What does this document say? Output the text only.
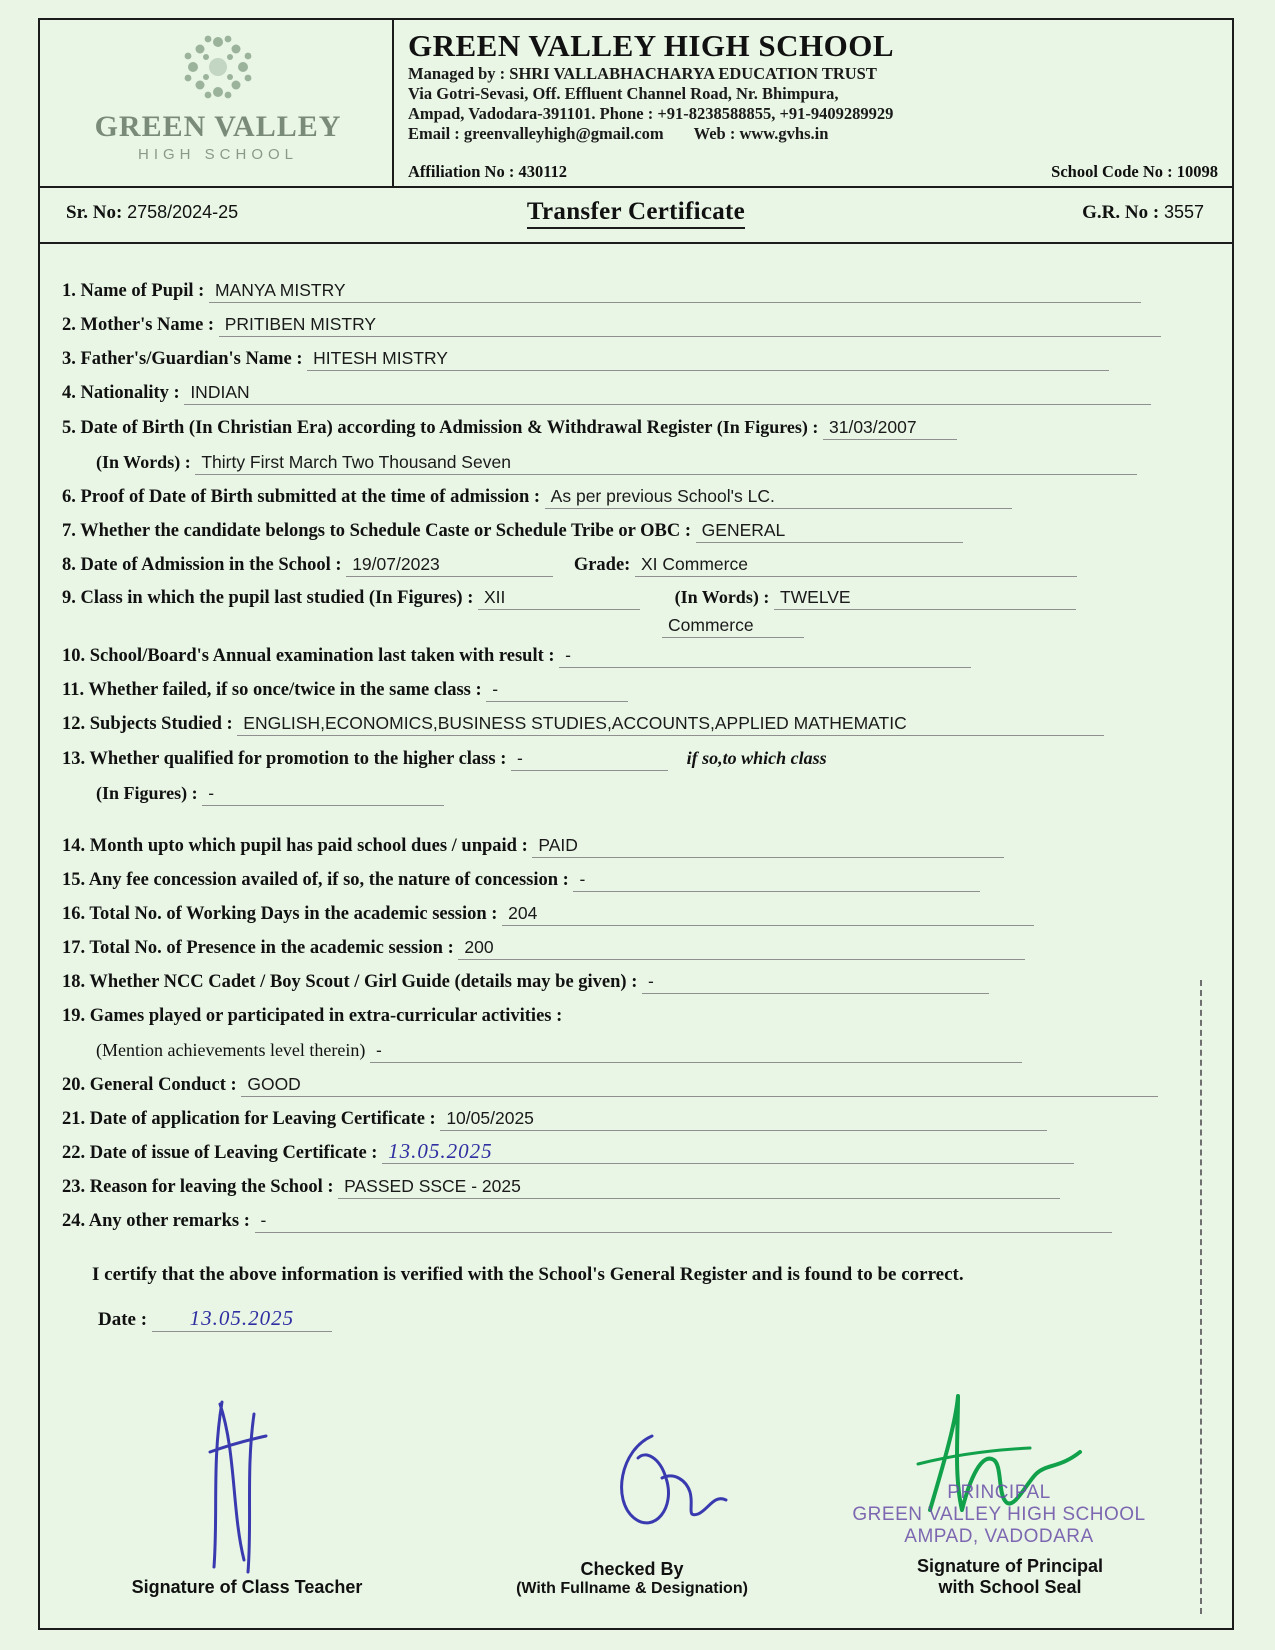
GREEN VALLEY
HIGH SCHOOL
GREEN VALLEY HIGH SCHOOL
Managed by : SHRI VALLABHACHARYA EDUCATION TRUST
Via Gotri-Sevasi, Off. Effluent Channel Road, Nr. Bhimpura,
Ampad, Vadodara-391101. Phone : +91-8238588855, +91-9409289929
Email : greenvalleyhigh@gmail.com Web : www.gvhs.in
Affiliation No : 430112	School Code No : 10098
Sr. No: 2758/2024-25	Transfer Certificate	G.R. No : 3557
1. Name of Pupil : MANYA MISTRY
2. Mother's Name : PRITIBEN MISTRY
3. Father's/Guardian's Name : HITESH MISTRY
4. Nationality : INDIAN
5. Date of Birth (In Christian Era) according to Admission & Withdrawal Register (In Figures) : 31/03/2007
(In Words) : Thirty First March Two Thousand Seven
6. Proof of Date of Birth submitted at the time of admission : As per previous School's LC.
7. Whether the candidate belongs to Schedule Caste or Schedule Tribe or OBC : GENERAL
8. Date of Admission in the School : 19/07/2023	Grade: XI Commerce
9. Class in which the pupil last studied (In Figures) : XII	(In Words) : TWELVE
Commerce
10. School/Board's Annual examination last taken with result : -
11. Whether failed, if so once/twice in the same class : -
12. Subjects Studied : ENGLISH,ECONOMICS,BUSINESS STUDIES,ACCOUNTS,APPLIED MATHEMATIC
13. Whether qualified for promotion to the higher class : -	if so,to which class
(In Figures) : -
14. Month upto which pupil has paid school dues / unpaid : PAID
15. Any fee concession availed of, if so, the nature of concession : -
16. Total No. of Working Days in the academic session : 204
17. Total No. of Presence in the academic session : 200
18. Whether NCC Cadet / Boy Scout / Girl Guide (details may be given) : -
19. Games played or participated in extra-curricular activities :
(Mention achievements level therein) -
20. General Conduct : GOOD
21. Date of application for Leaving Certificate : 10/05/2025
22. Date of issue of Leaving Certificate : 13.05.2025
23. Reason for leaving the School : PASSED SSCE - 2025
24. Any other remarks : -
I certify that the above information is verified with the School's General Register and is found to be correct.
Date : 13.05.2025
PRINCIPAL
GREEN VALLEY HIGH SCHOOL
AMPAD, VADODARA
Signature of Class Teacher
Checked By
(With Fullname & Designation)
Signature of Principal
with School Seal
